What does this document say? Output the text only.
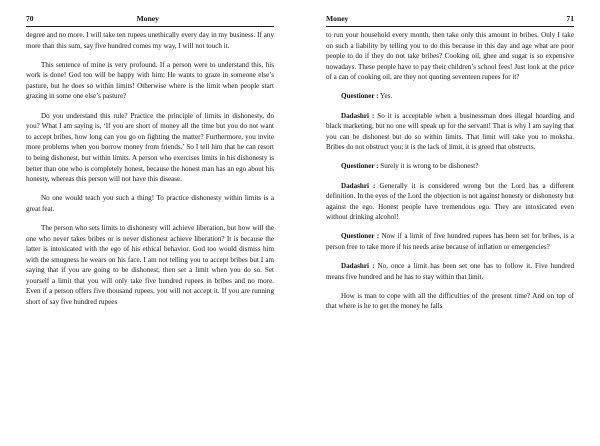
70	Money

degree and no more. I will take ten rupees unethically every day in my business. If any more than this sum, say five hundred comes my way, I will not touch it.

This sentence of mine is very profound. If a person were to understand this, his work is done! God too will be happy with him: He wants to graze in someone else’s pasture, but he does so within limits! Otherwise where is the limit when people start grazing in some one else’s pasture?

Do you understand this rule? Practice the principle of limits in dishonesty, do you? What I am saying is, ‘If you are short of money all the time but you do not want to accept bribes, how long can you go on fighting the matter? Furthermore, you invite more problems when you borrow money from friends.’ So I tell him that he can resort to being dishonest, but within limits. A person who exercises limits in his dishonesty is better than one who is completely honest, because the honest man has an ego about his honesty, whereas this person will not have this disease.

No one would teach you such a thing! To practice dishonesty within limits is a great feat.

The person who sets limits to dishonesty will achieve liberation, but how will the one who never takes bribes or is never dishonest achieve liberation? It is because the latter is intoxicated with the ego of his ethical behavior. God too would dismiss him with the smugness he wears on his face. I am not telling you to accept bribes but I am saying that if you are going to be dishonest, then set a limit when you do so. Set yourself a limit that you will only take five hundred rupees in bribes and no more. Even if a person offers five thousand rupees, you will not accept it. If you are running short of say five hundred rupees

Money	71

to run your household every month, then take only this amount in bribes. Only I take on such a liability by telling you to do this because in this day and age what are poor people to do if they do not take bribes? Cooking oil, ghee and sugar is so expensive nowadays. These people have to pay their children’s school fees! Just look at the price of a can of cooking oil, are they not quoting seventeen rupees for it?

Questioner : Yes.

Dadashri : So it is acceptable when a businessman does illegal hoarding and black marketing, but no one will speak up for the servant! That is why I am saying that you can be dishonest but do so within limits. That limit will take you to moksha. Bribes do not obstruct you; it is the lack of limit, it is greed that obstructs.

Questioner : Surely it is wrong to be dishonest?

Dadashri : Generally it is considered wrong but the Lord has a different definition. In the eyes of the Lord the objection is not against honesty or dishonesty but against the ego. Honest people have tremendous ego. They are intoxicated even without drinking alcohol!

Questioner : Now if a limit of five hundred rupees has been set for bribes, is a person free to take more if his needs arise because of inflation or emergencies?

Dadashri : No, once a limit has been set one has to follow it. Five hundred means five hundred and he has to stay within that limit.

How is man to cope with all the difficulties of the present time? And on top of that where is he to get the money he falls
